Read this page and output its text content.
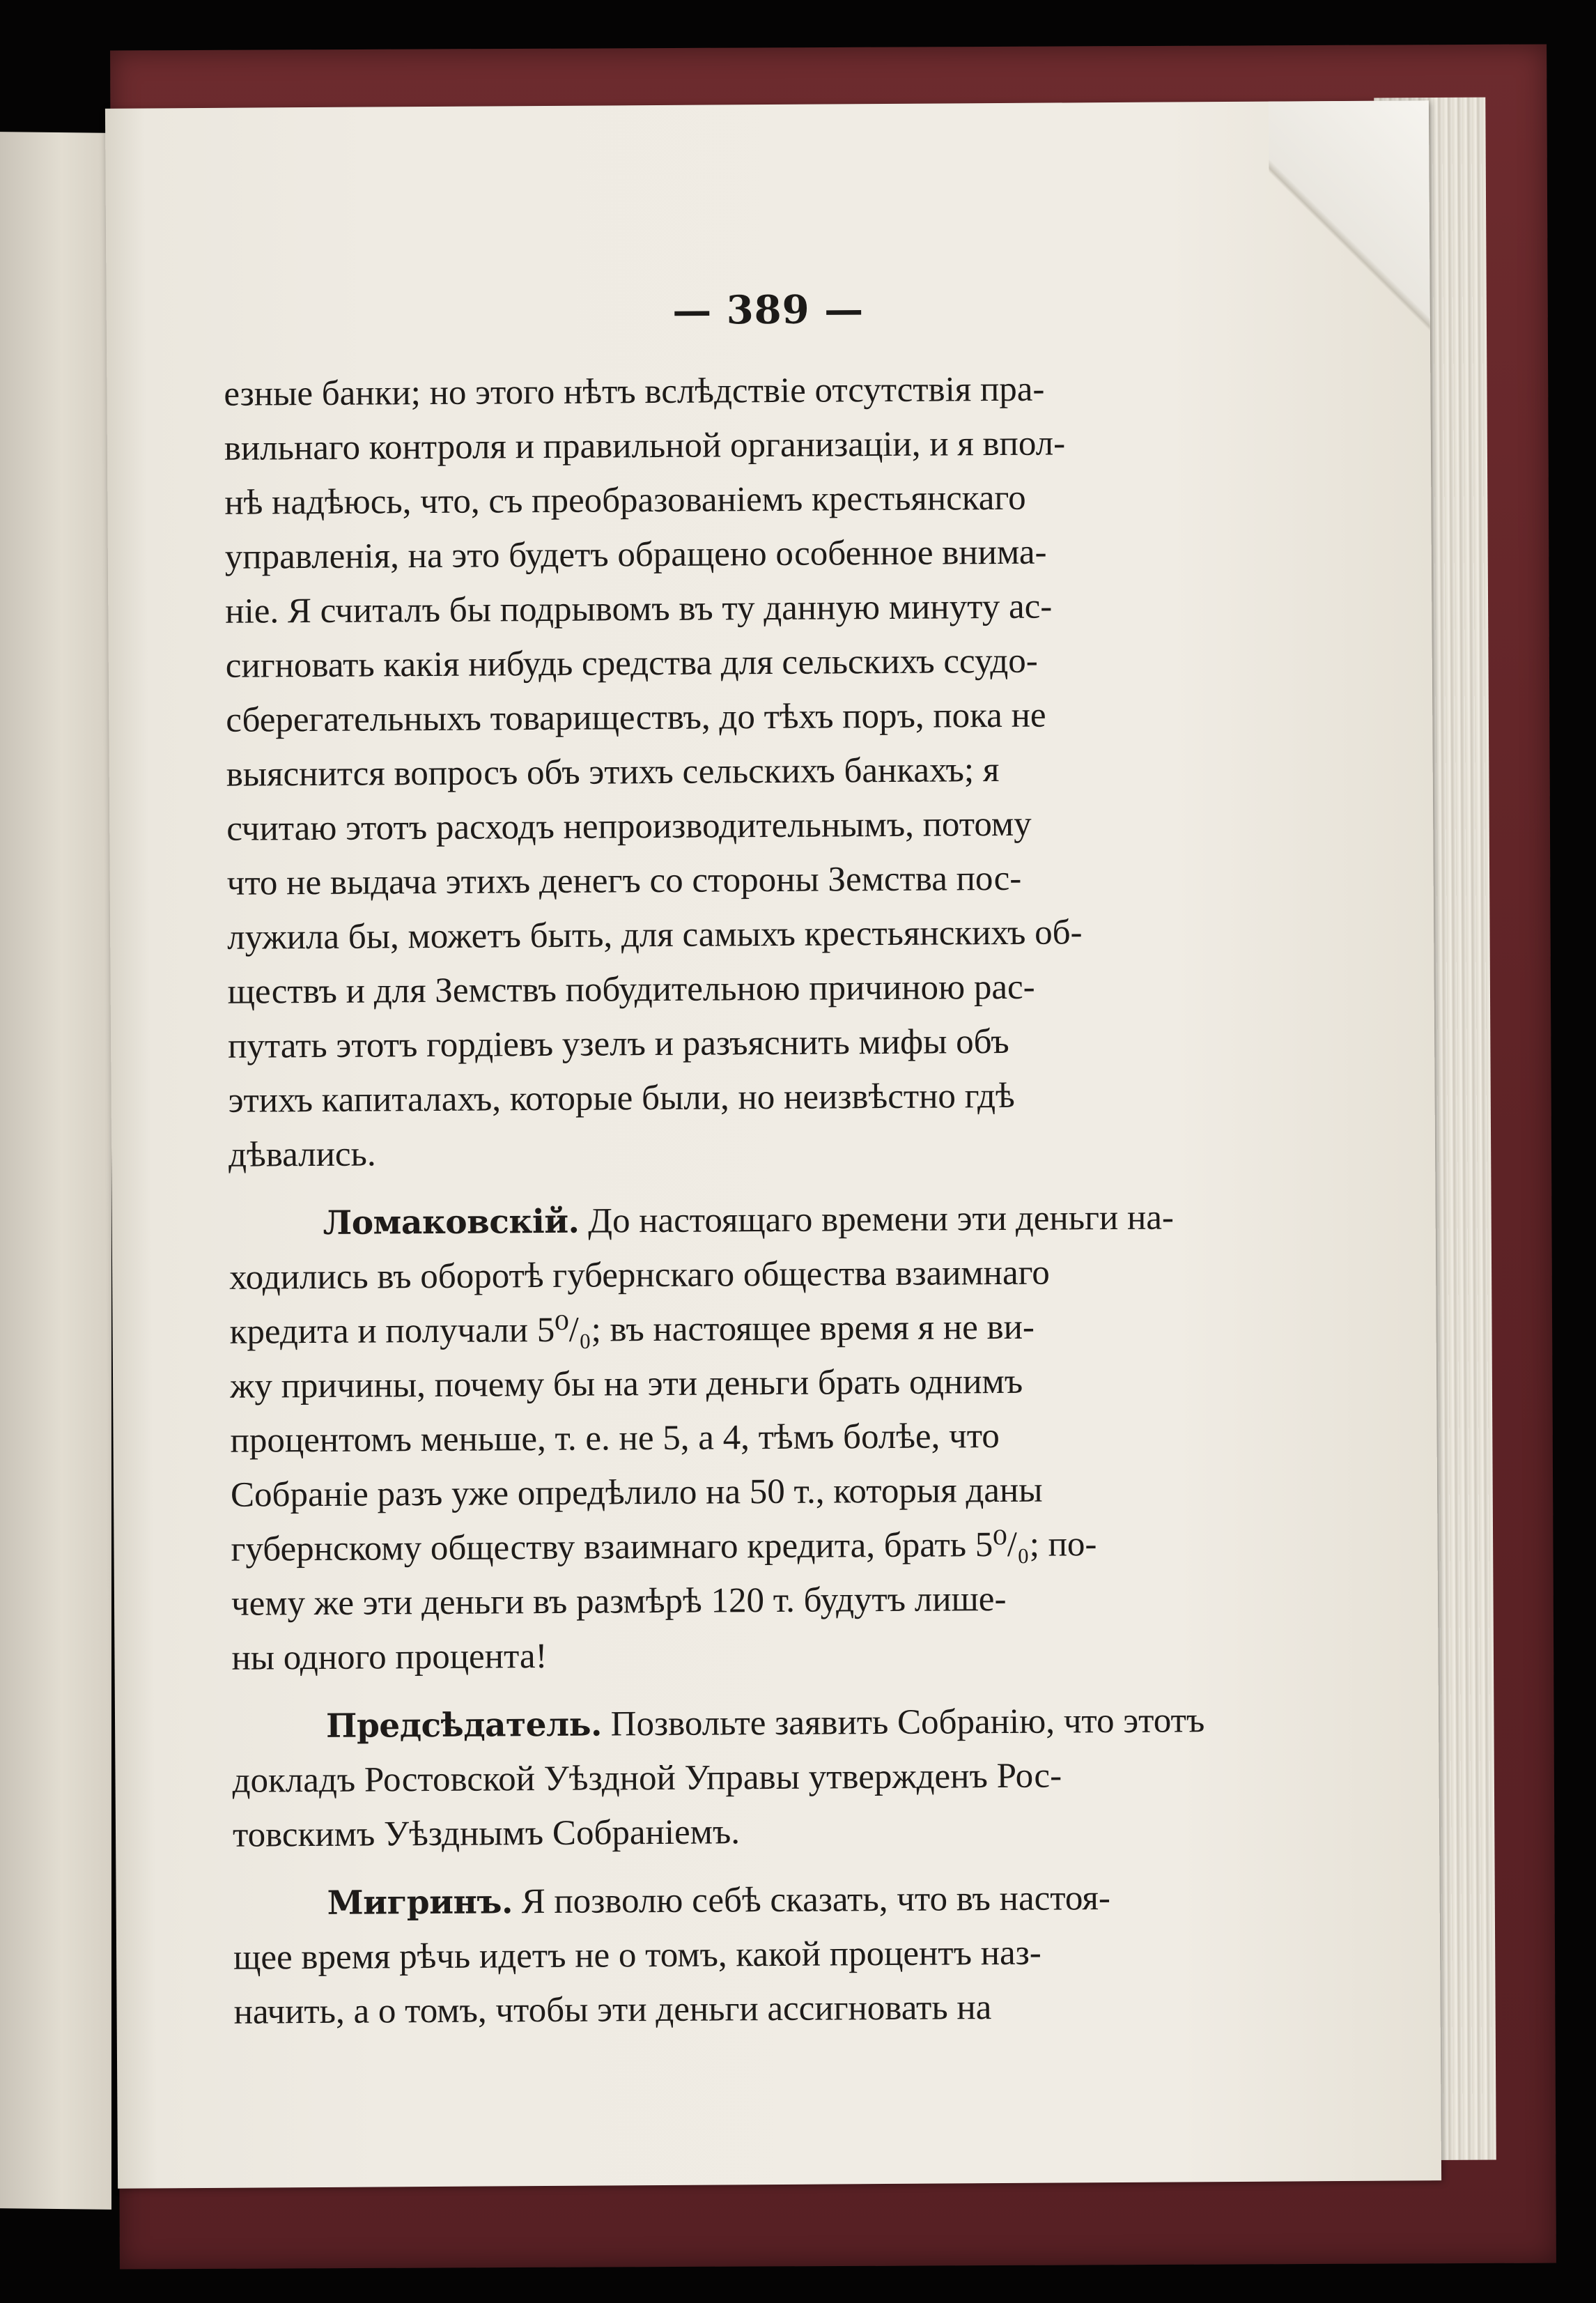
— 389 —
езные банки; но этого нѣтъ вслѣдствіе отсутствія пра-
вильнаго контроля и правильной организаціи, и я впол-
нѣ надѣюсь, что, съ преобразованіемъ крестьянскаго
управленія, на это будетъ обращено особенное внима-
ніе. Я считалъ бы подрывомъ въ ту данную минуту ас-
сигновать какія нибудь средства для сельскихъ ссудо-
сберегательныхъ товариществъ, до тѣхъ поръ, пока не
выяснится вопросъ объ этихъ сельскихъ банкахъ; я
считаю этотъ расходъ непроизводительнымъ, потому
что не выдача этихъ денегъ со стороны Земства пос-
лужила бы, можетъ быть, для самыхъ крестьянскихъ об-
ществъ и для Земствъ побудительною причиною рас-
путать этотъ гордіевъ узелъ и разъяснить мифы объ
этихъ капиталахъ, которые были, но неизвѣстно гдѣ
дѣвались.
Ломаковскій. До настоящаго времени эти деньги на-
ходились въ оборотѣ губернскаго общества взаимнаго
кредита и получали 5⁰/₀; въ настоящее время я не ви-
жу причины, почему бы на эти деньги брать однимъ
процентомъ меньше, т. е. не 5, а 4, тѣмъ болѣе, что
Собраніе разъ уже опредѣлило на 50 т., которыя даны
губернскому обществу взаимнаго кредита, брать 5⁰/₀; по-
чему же эти деньги въ размѣрѣ 120 т. будутъ лише-
ны одного процента!
Предсѣдатель. Позвольте заявить Собранію, что этотъ
докладъ Ростовской Уѣздной Управы утвержденъ Рос-
товскимъ Уѣзднымъ Собраніемъ.
Мигринъ. Я позволю себѣ сказать, что въ настоя-
щее время рѣчь идетъ не о томъ, какой процентъ наз-
начить, а о томъ, чтобы эти деньги ассигновать на
